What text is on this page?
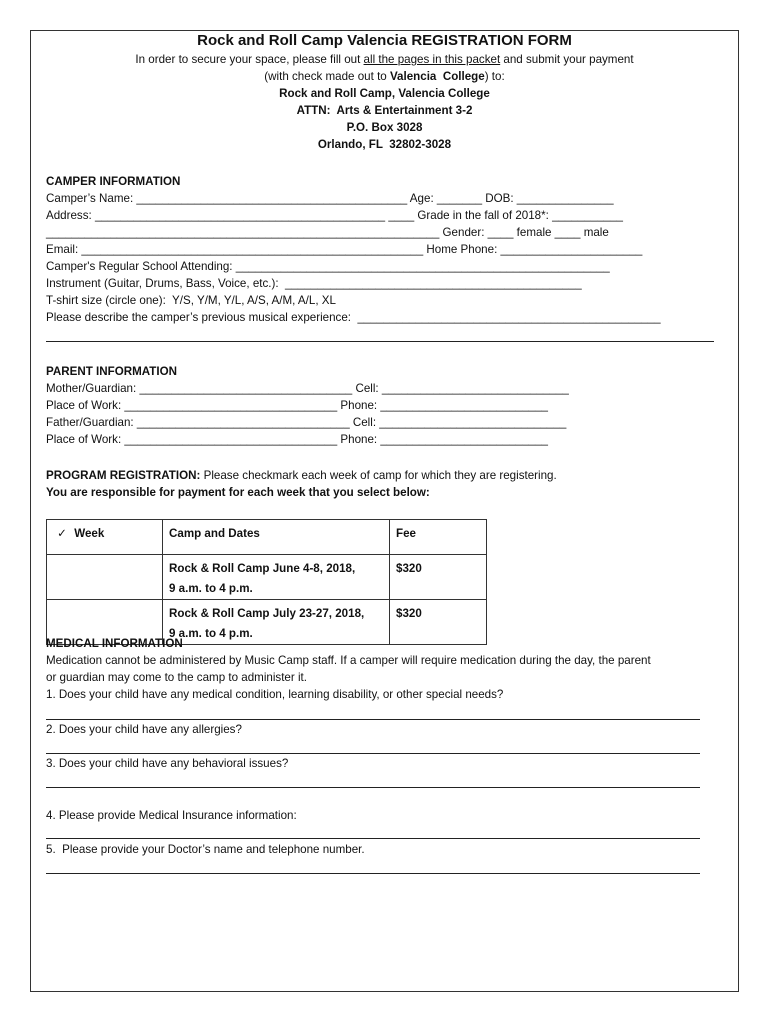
Rock and Roll Camp Valencia REGISTRATION FORM
In order to secure your space, please fill out all the pages in this packet and submit your payment
(with check made out to Valencia  College) to:
Rock and Roll Camp, Valencia College
ATTN:  Arts & Entertainment 3-2
P.O. Box 3028
Orlando, FL  32802-3028
CAMPER INFORMATION
Camper’s Name: __________________________________________ Age: _______ DOB: _______________
Address: _____________________________________________ ____ Grade in the fall of 2018*: ___________
_____________________________________________________________ Gender: ____ female ____ male
Email: _____________________________________________________ Home Phone: ______________________
Camper's Regular School Attending: __________________________________________________________
Instrument (Guitar, Drums, Bass, Voice, etc.):  ______________________________________________
T-shirt size (circle one):  Y/S, Y/M, Y/L, A/S, A/M, A/L, XL
Please describe the camper’s previous musical experience:  _______________________________________________
PARENT INFORMATION
Mother/Guardian: _________________________________ Cell: _____________________________
Place of Work: _________________________________ Phone: __________________________
Father/Guardian: _________________________________ Cell: _____________________________
Place of Work: _________________________________ Phone: __________________________
PROGRAM REGISTRATION: Please checkmark each week of camp for which they are registering.
You are responsible for payment for each week that you select below:
✓ Week	Camp and Dates	Fee

	Rock & Roll Camp June 4-8, 2018,
9 a.m. to 4 p.m.	$320

	Rock & Roll Camp July 23-27, 2018,
9 a.m. to 4 p.m.	$320
MEDICAL INFORMATION
Medication cannot be administered by Music Camp staff. If a camper will require medication during the day, the parent
or guardian may come to the camp to administer it.
1. Does your child have any medical condition, learning disability, or other special needs?
2. Does your child have any allergies?
3. Does your child have any behavioral issues?
4. Please provide Medical Insurance information:
5.  Please provide your Doctor’s name and telephone number.
